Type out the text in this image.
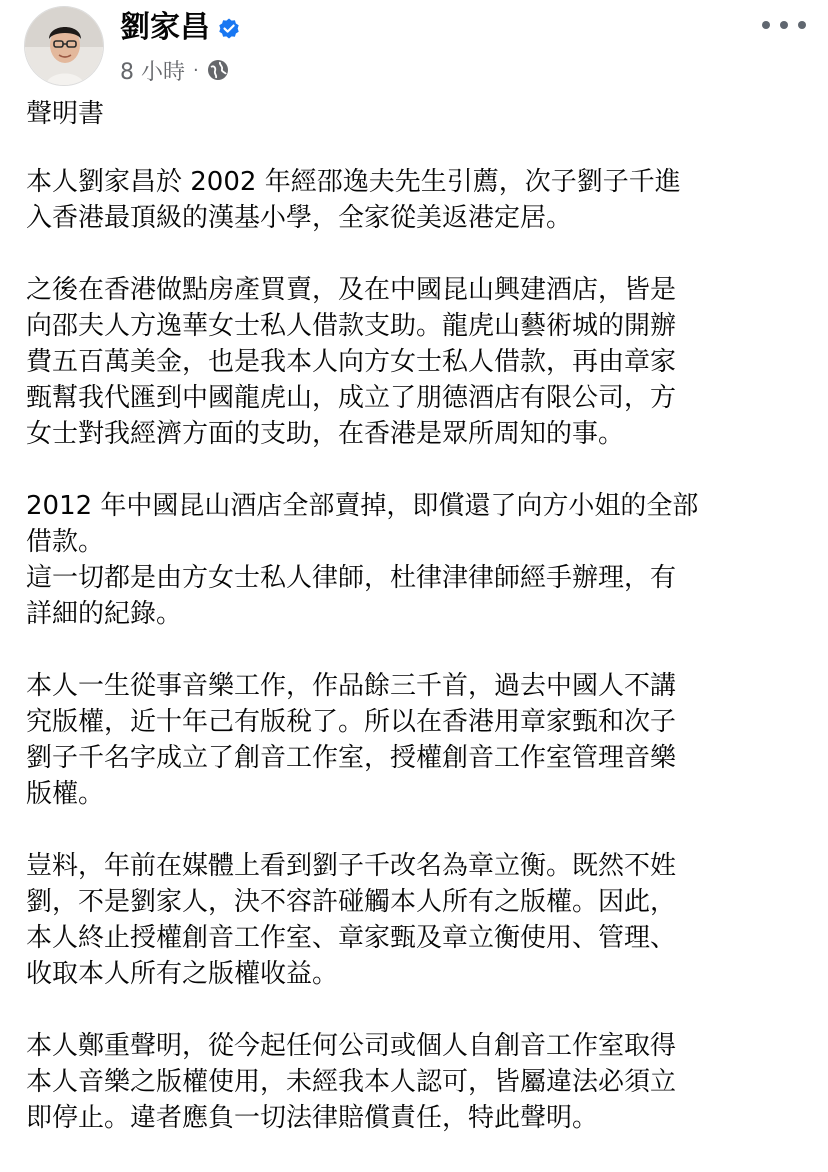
劉家昌
8 小時 ·
聲明書
本人劉家昌於 2002 年經邵逸夫先生引薦，次子劉子千進
入香港最頂級的漢基小學，全家從美返港定居。
之後在香港做點房產買賣，及在中國昆山興建酒店，皆是
向邵夫人方逸華女士私人借款支助。龍虎山藝術城的開辦
費五百萬美金，也是我本人向方女士私人借款，再由章家
甄幫我代匯到中國龍虎山，成立了朋德酒店有限公司，方
女士對我經濟方面的支助，在香港是眾所周知的事。
2012 年中國昆山酒店全部賣掉，即償還了向方小姐的全部
借款。
這一切都是由方女士私人律師，杜律津律師經手辦理，有
詳細的紀錄。
本人一生從事音樂工作，作品餘三千首，過去中國人不講
究版權，近十年己有版稅了。所以在香港用章家甄和次子
劉子千名字成立了創音工作室，授權創音工作室管理音樂
版權。
豈料，年前在媒體上看到劉子千改名為章立衡。既然不姓
劉，不是劉家人，決不容許碰觸本人所有之版權。因此，
本人終止授權創音工作室、章家甄及章立衡使用、管理、
收取本人所有之版權收益。
本人鄭重聲明，從今起任何公司或個人自創音工作室取得
本人音樂之版權使用，未經我本人認可，皆屬違法必須立
即停止。違者應負一切法律賠償責任，特此聲明。
